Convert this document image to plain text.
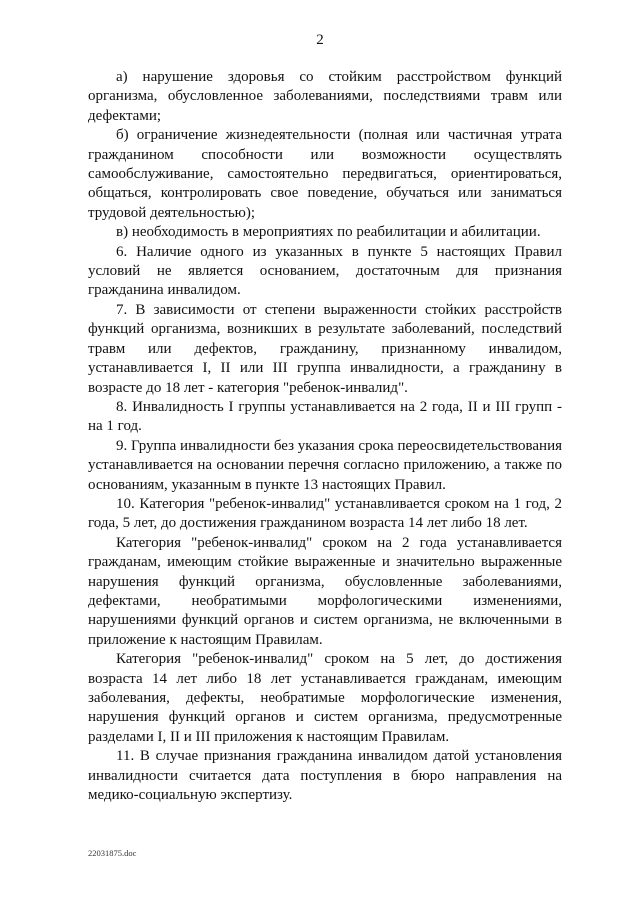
2

а) нарушение здоровья со стойким расстройством функций организма, обусловленное заболеваниями, последствиями травм или дефектами;

б) ограничение жизнедеятельности (полная или частичная утрата гражданином способности или возможности осуществлять самообслуживание, самостоятельно передвигаться, ориентироваться, общаться, контролировать свое поведение, обучаться или заниматься трудовой деятельностью);

в) необходимость в мероприятиях по реабилитации и абилитации.

6. Наличие одного из указанных в пункте 5 настоящих Правил условий не является основанием, достаточным для признания гражданина инвалидом.

7. В зависимости от степени выраженности стойких расстройств функций организма, возникших в результате заболеваний, последствий травм или дефектов, гражданину, признанному инвалидом, устанавливается I, II или III группа инвалидности, а гражданину в возрасте до 18 лет - категория "ребенок-инвалид".

8. Инвалидность I группы устанавливается на 2 года, II и III групп - на 1 год.

9. Группа инвалидности без указания срока переосвидетельствования устанавливается на основании перечня согласно приложению, а также по основаниям, указанным в пункте 13 настоящих Правил.

10. Категория "ребенок-инвалид" устанавливается сроком на 1 год, 2 года, 5 лет, до достижения гражданином возраста 14 лет либо 18 лет.

Категория "ребенок-инвалид" сроком на 2 года устанавливается гражданам, имеющим стойкие выраженные и значительно выраженные нарушения функций организма, обусловленные заболеваниями, дефектами, необратимыми морфологическими изменениями, нарушениями функций органов и систем организма, не включенными в приложение к настоящим Правилам.

Категория "ребенок-инвалид" сроком на 5 лет, до достижения возраста 14 лет либо 18 лет устанавливается гражданам, имеющим заболевания, дефекты, необратимые морфологические изменения, нарушения функций органов и систем организма, предусмотренные разделами I, II и III приложения к настоящим Правилам.

11. В случае признания гражданина инвалидом датой установления инвалидности считается дата поступления в бюро направления на медико-социальную экспертизу.

22031875.doc
